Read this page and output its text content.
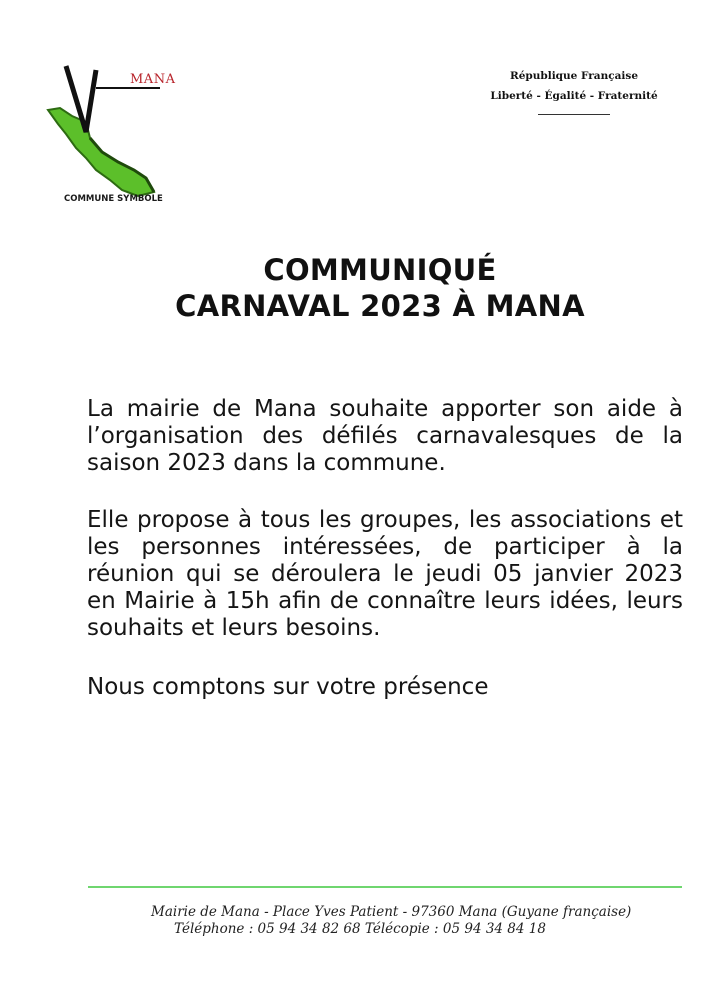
MANA
COMMUNE SYMBOLE
République Française
Liberté - Égalité - Fraternité
COMMUNIQUÉ
CARNAVAL 2023 À MANA

La mairie de Mana souhaite apporter son aide à l’organisation des défilés carnavalesques de la saison 2023 dans la commune.

Elle propose à tous les groupes, les associations et les personnes intéressées, de participer à la réunion qui se déroulera le jeudi 05 janvier 2023 en Mairie à 15h afin de connaître leurs idées, leurs souhaits et leurs besoins.

Nous comptons sur votre présence

Mairie de Mana - Place Yves Patient - 97360 Mana (Guyane française)
Téléphone : 05 94 34 82 68 Télécopie : 05 94 34 84 18
